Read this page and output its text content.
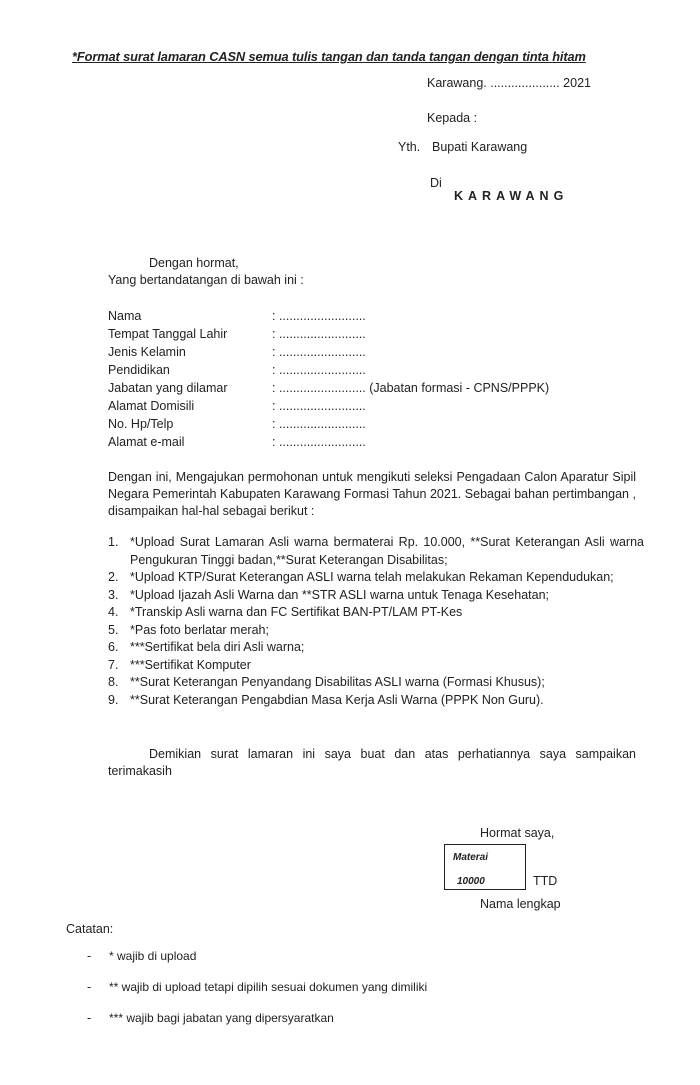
*Format surat lamaran CASN semua tulis tangan dan tanda tangan dengan tinta hitam
Karawang. .................... 2021
Kepada :
Yth. Bupati Karawang
Di
KARAWANG
Dengan hormat,
Yang bertandatangan di bawah ini :
Nama	: .........................
Tempat Tanggal Lahir	: .........................
Jenis Kelamin	: .........................
Pendidikan	: .........................
Jabatan yang dilamar	: ......................... (Jabatan formasi - CPNS/PPPK)
Alamat Domisili	: .........................
No. Hp/Telp	: .........................
Alamat e-mail	: .........................
Dengan ini, Mengajukan permohonan untuk mengikuti seleksi Pengadaan Calon Aparatur Sipil Negara Pemerintah Kabupaten Karawang Formasi Tahun 2021. Sebagai bahan pertimbangan , disampaikan hal-hal sebagai berikut :
1. *Upload Surat Lamaran Asli warna bermaterai Rp. 10.000, **Surat Keterangan Asli warna Pengukuran Tinggi badan,**Surat Keterangan Disabilitas;
2. *Upload KTP/Surat Keterangan ASLI warna telah melakukan Rekaman Kependudukan;
3. *Upload Ijazah Asli Warna dan **STR ASLI warna untuk Tenaga Kesehatan;
4. *Transkip Asli warna dan FC Sertifikat BAN-PT/LAM PT-Kes
5. *Pas foto berlatar merah;
6. ***Sertifikat bela diri Asli warna;
7. ***Sertifikat Komputer
8. **Surat Keterangan Penyandang Disabilitas ASLI warna (Formasi Khusus);
9. **Surat Keterangan Pengabdian Masa Kerja Asli Warna (PPPK Non Guru).
Demikian surat lamaran ini saya buat dan atas perhatiannya saya sampaikan terimakasih
Hormat saya,
Materai
10000	TTD
Nama lengkap
Catatan:
- * wajib di upload
- ** wajib di upload tetapi dipilih sesuai dokumen yang dimiliki
- *** wajib bagi jabatan yang dipersyaratkan
